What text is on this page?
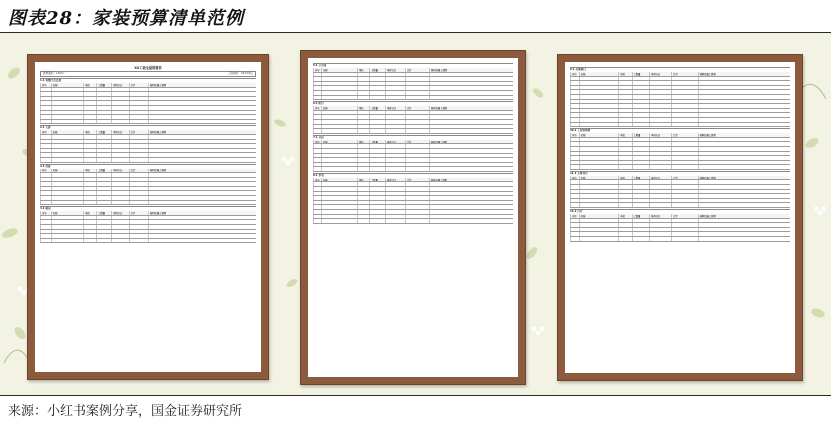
图表28：家装预算清单范例
XX工装全屋预算表
装修面积：120m²	工程地址：XX市XX区
1.1 客餐厅及过道
序号	名称	单位	工程量	单价(元)	合计	材料及施工说明
2.1 主卧
序号	名称	单位	工程量	单价(元)	合计	材料及施工说明
3.1 次卧
序号	名称	单位	工程量	单价(元)	合计	材料及施工说明
4.1 厨房
序号	名称	单位	工程量	单价(元)	合计	材料及施工说明
5.1 卫生间
序号	名称	单位	工程量	单价(元)	合计	材料及施工说明
6.1 阳台
序号	名称	单位	工程量	单价(元)	合计	材料及施工说明
7.1 书房
序号	名称	单位	工程量	单价(元)	合计	材料及施工说明
8.1 水电
序号	名称	单位	工程量	单价(元)	合计	材料及施工说明
9.1 其他项目
序号	名称	单位	工程量	单价(元)	合计	材料及施工说明
10.1 工程管理费
序号	名称	单位	工程量	单价(元)	合计	材料及施工说明
11.1 主材部分
序号	名称	单位	工程量	单价(元)	合计	材料及施工说明
12.1 合计
序号	名称	单位	工程量	单价(元)	合计	材料及施工说明
来源：小红书案例分享，国金证券研究所
